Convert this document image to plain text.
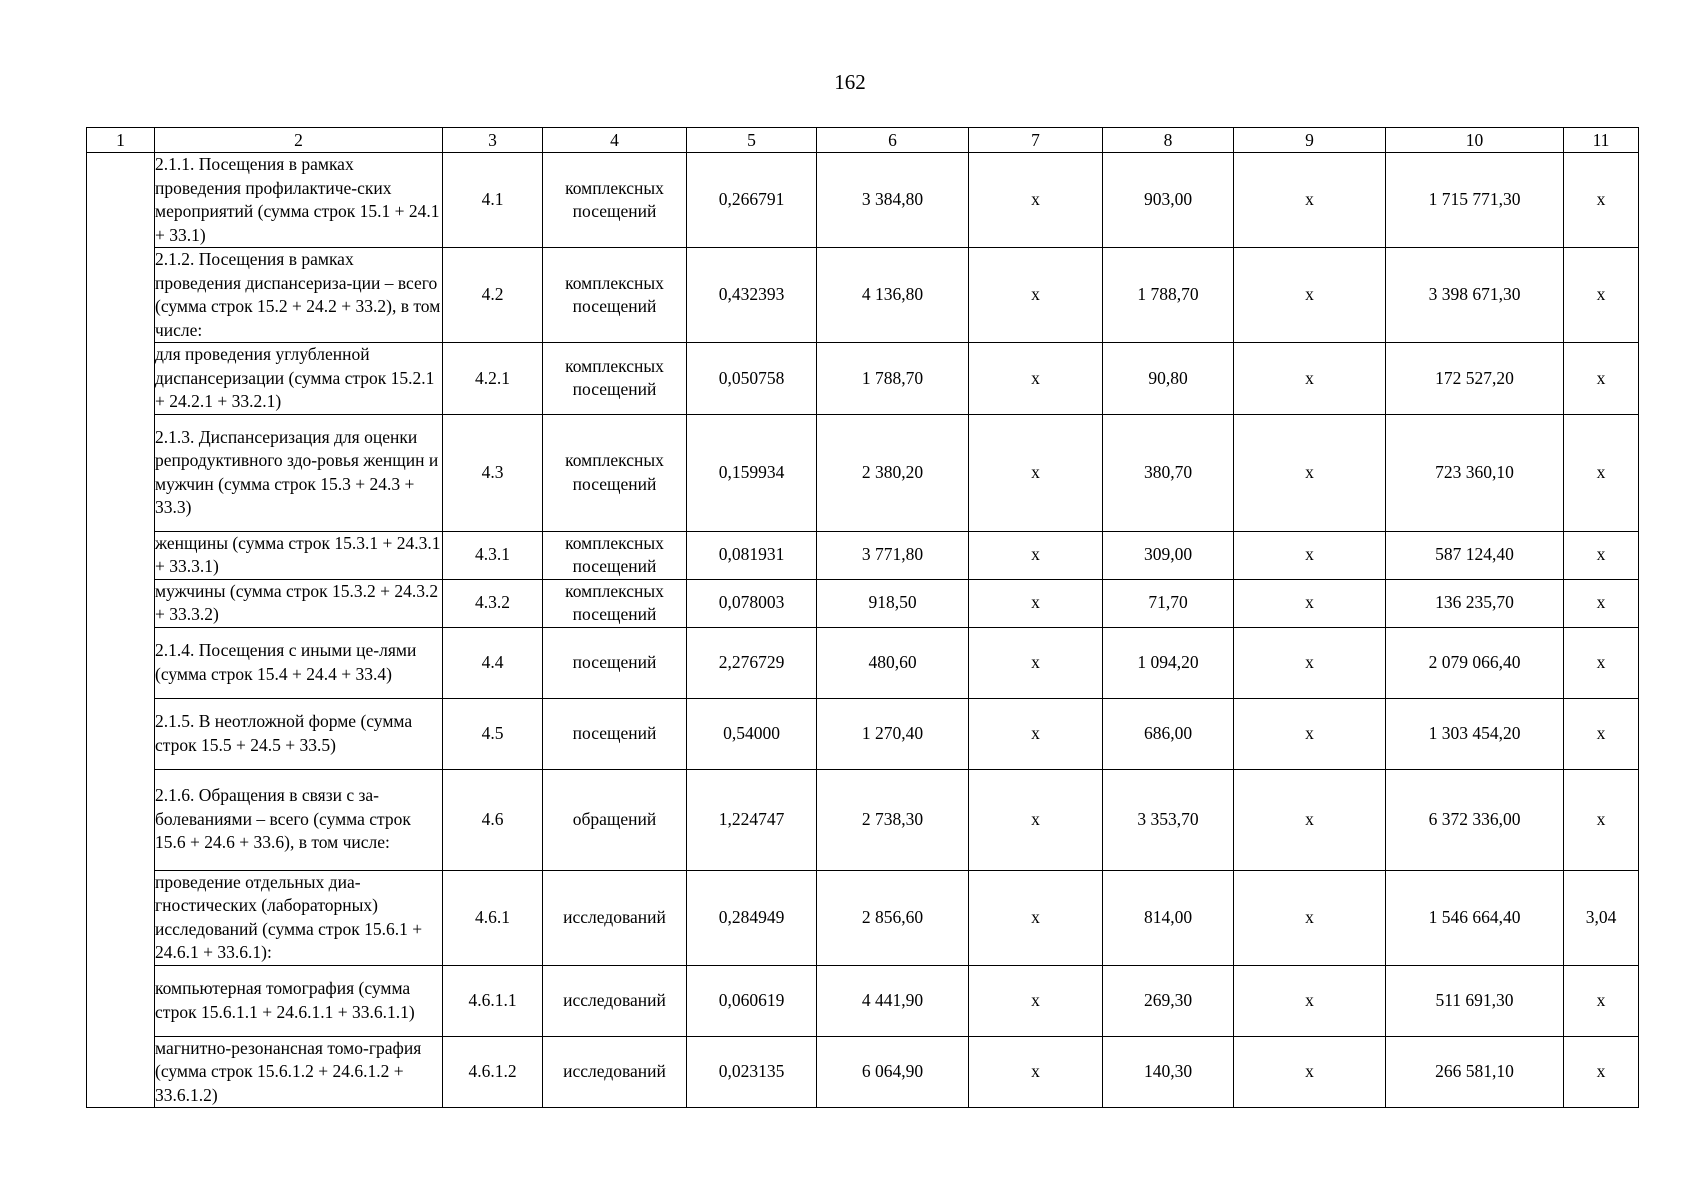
162
1	2	3	4	5	6	7	8	9	10	11
	2.1.1. Посещения в рамках проведения профилактиче-ских мероприятий (сумма строк 15.1 + 24.1 + 33.1)	4.1	комплексных посещений	0,266791	3 384,80	х	903,00	х	1 715 771,30	х
	2.1.2. Посещения в рамках проведения диспансериза-ции – всего (сумма строк 15.2 + 24.2 + 33.2), в том числе:	4.2	комплексных посещений	0,432393	4 136,80	х	1 788,70	х	3 398 671,30	х
	для проведения углубленной диспансеризации (сумма строк 15.2.1 + 24.2.1 + 33.2.1)	4.2.1	комплексных посещений	0,050758	1 788,70	х	90,80	х	172 527,20	х
	2.1.3. Диспансеризация для оценки репродуктивного здо-ровья женщин и мужчин (сумма строк 15.3 + 24.3 + 33.3)	4.3	комплексных посещений	0,159934	2 380,20	х	380,70	х	723 360,10	х
	женщины (сумма строк 15.3.1 + 24.3.1 + 33.3.1)	4.3.1	комплексных посещений	0,081931	3 771,80	х	309,00	х	587 124,40	х
	мужчины (сумма строк 15.3.2 + 24.3.2 + 33.3.2)	4.3.2	комплексных посещений	0,078003	918,50	х	71,70	х	136 235,70	х
	2.1.4. Посещения с иными це-лями (сумма строк 15.4 + 24.4 + 33.4)	4.4	посещений	2,276729	480,60	х	1 094,20	х	2 079 066,40	х
	2.1.5. В неотложной форме (сумма строк 15.5 + 24.5 + 33.5)	4.5	посещений	0,54000	1 270,40	х	686,00	х	1 303 454,20	х
	2.1.6. Обращения в связи с за-болеваниями – всего (сумма строк 15.6 + 24.6 + 33.6), в том числе:	4.6	обращений	1,224747	2 738,30	х	3 353,70	х	6 372 336,00	х
	проведение отдельных диа-гностических (лабораторных) исследований (сумма строк 15.6.1 + 24.6.1 + 33.6.1):	4.6.1	исследований	0,284949	2 856,60	х	814,00	х	1 546 664,40	3,04
	компьютерная томография (сумма строк 15.6.1.1 + 24.6.1.1 + 33.6.1.1)	4.6.1.1	исследований	0,060619	4 441,90	х	269,30	х	511 691,30	х
	магнитно-резонансная томо-графия (сумма строк 15.6.1.2 + 24.6.1.2 + 33.6.1.2)	4.6.1.2	исследований	0,023135	6 064,90	х	140,30	х	266 581,10	х
